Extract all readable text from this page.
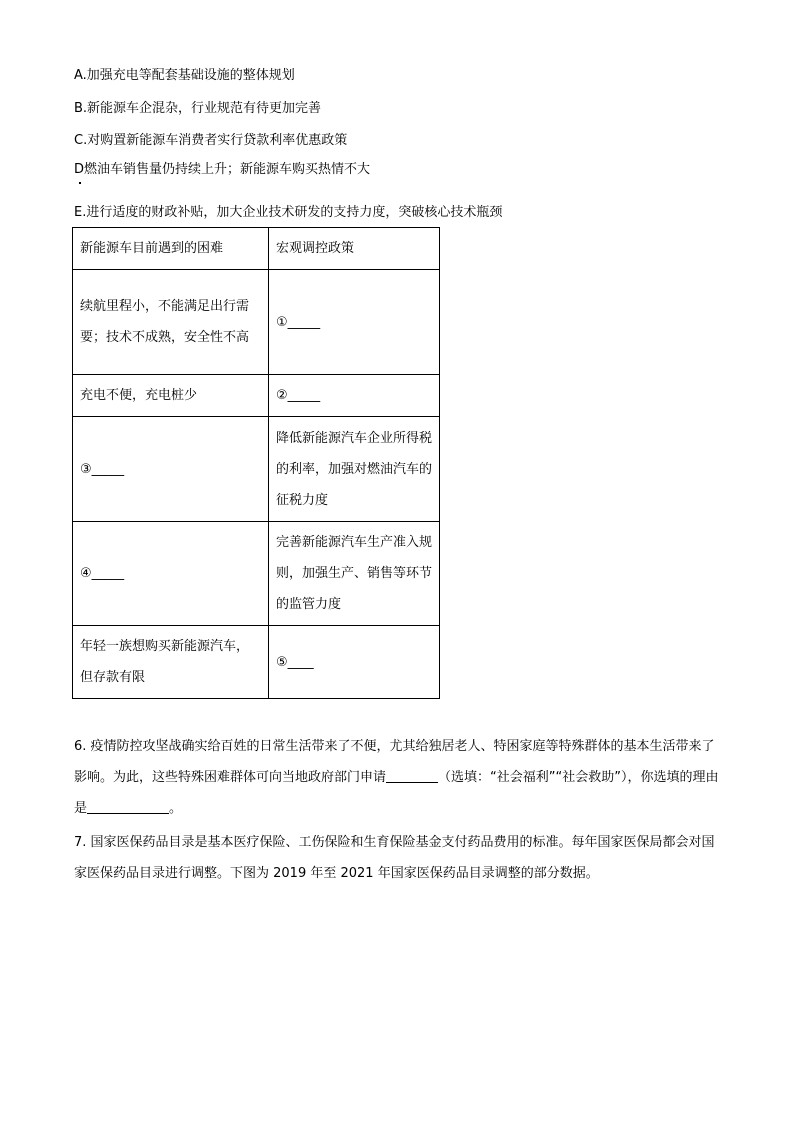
A.加强充电等配套基础设施的整体规划
B.新能源车企混杂，行业规范有待更加完善
C.对购置新能源车消费者实行贷款利率优惠政策
D燃油车销售量仍持续上升；新能源车购买热情不大
E.进行适度的财政补贴，加大企业技术研发的支持力度，突破核心技术瓶颈
新能源车目前遇到的困难	宏观调控政策
续航里程小，不能满足出行需要；技术不成熟，安全性不高	①_____
充电不便，充电桩少	②_____
③_____	降低新能源汽车企业所得税的利率，加强对燃油汽车的征税力度
④_____	完善新能源汽车生产准入规则，加强生产、销售等环节的监管力度
年轻一族想购买新能源汽车，但存款有限	⑤____
6. 疫情防控攻坚战确实给百姓的日常生活带来了不便，尤其给独居老人、特困家庭等特殊群体的基本生活带来了影响。为此，这些特殊困难群体可向当地政府部门申请	（选填：“社会福利”“社会救助”），你选填的理由是	。
7. 国家医保药品目录是基本医疗保险、工伤保险和生育保险基金支付药品费用的标准。每年国家医保局都会对国家医保药品目录进行调整。下图为 2019 年至 2021 年国家医保药品目录调整的部分数据。
